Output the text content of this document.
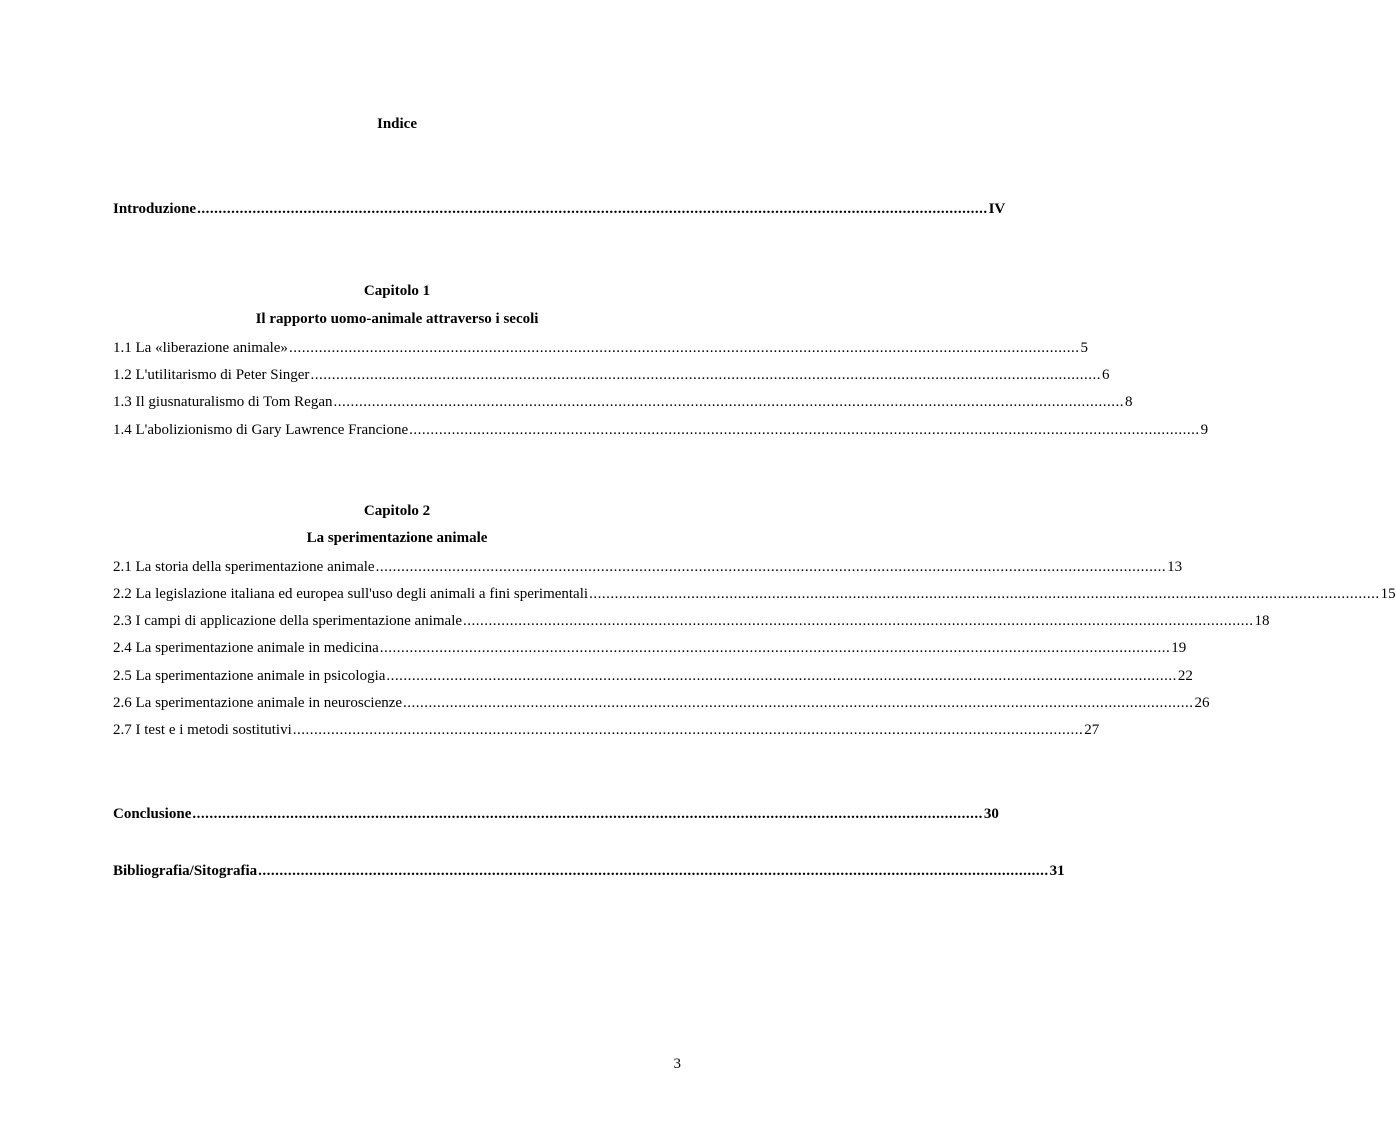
Indice
Introduzione .......................................................................................................................................................................................... IV
Capitolo 1
Il rapporto uomo-animale attraverso i secoli
1.1 La «liberazione animale» .......................................................................................................................................................................................... 5
1.2 L'utilitarismo di Peter Singer .......................................................................................................................................................................................... 6
1.3 Il giusnaturalismo di Tom Regan .......................................................................................................................................................................................... 8
1.4 L'abolizionismo di Gary Lawrence Francione .......................................................................................................................................................................................... 9
Capitolo 2
La sperimentazione animale
2.1 La storia della sperimentazione animale .......................................................................................................................................................................................... 13
2.2 La legislazione italiana ed europea sull'uso degli animali a fini sperimentali .......................................................................................................................................................................................... 15
2.3 I campi di applicazione della sperimentazione animale .......................................................................................................................................................................................... 18
2.4 La sperimentazione animale in medicina .......................................................................................................................................................................................... 19
2.5 La sperimentazione animale in psicologia .......................................................................................................................................................................................... 22
2.6 La sperimentazione animale in neuroscienze .......................................................................................................................................................................................... 26
2.7 I test e i metodi sostitutivi .......................................................................................................................................................................................... 27
Conclusione .......................................................................................................................................................................................... 30
Bibliografia/Sitografia .......................................................................................................................................................................................... 31
3
